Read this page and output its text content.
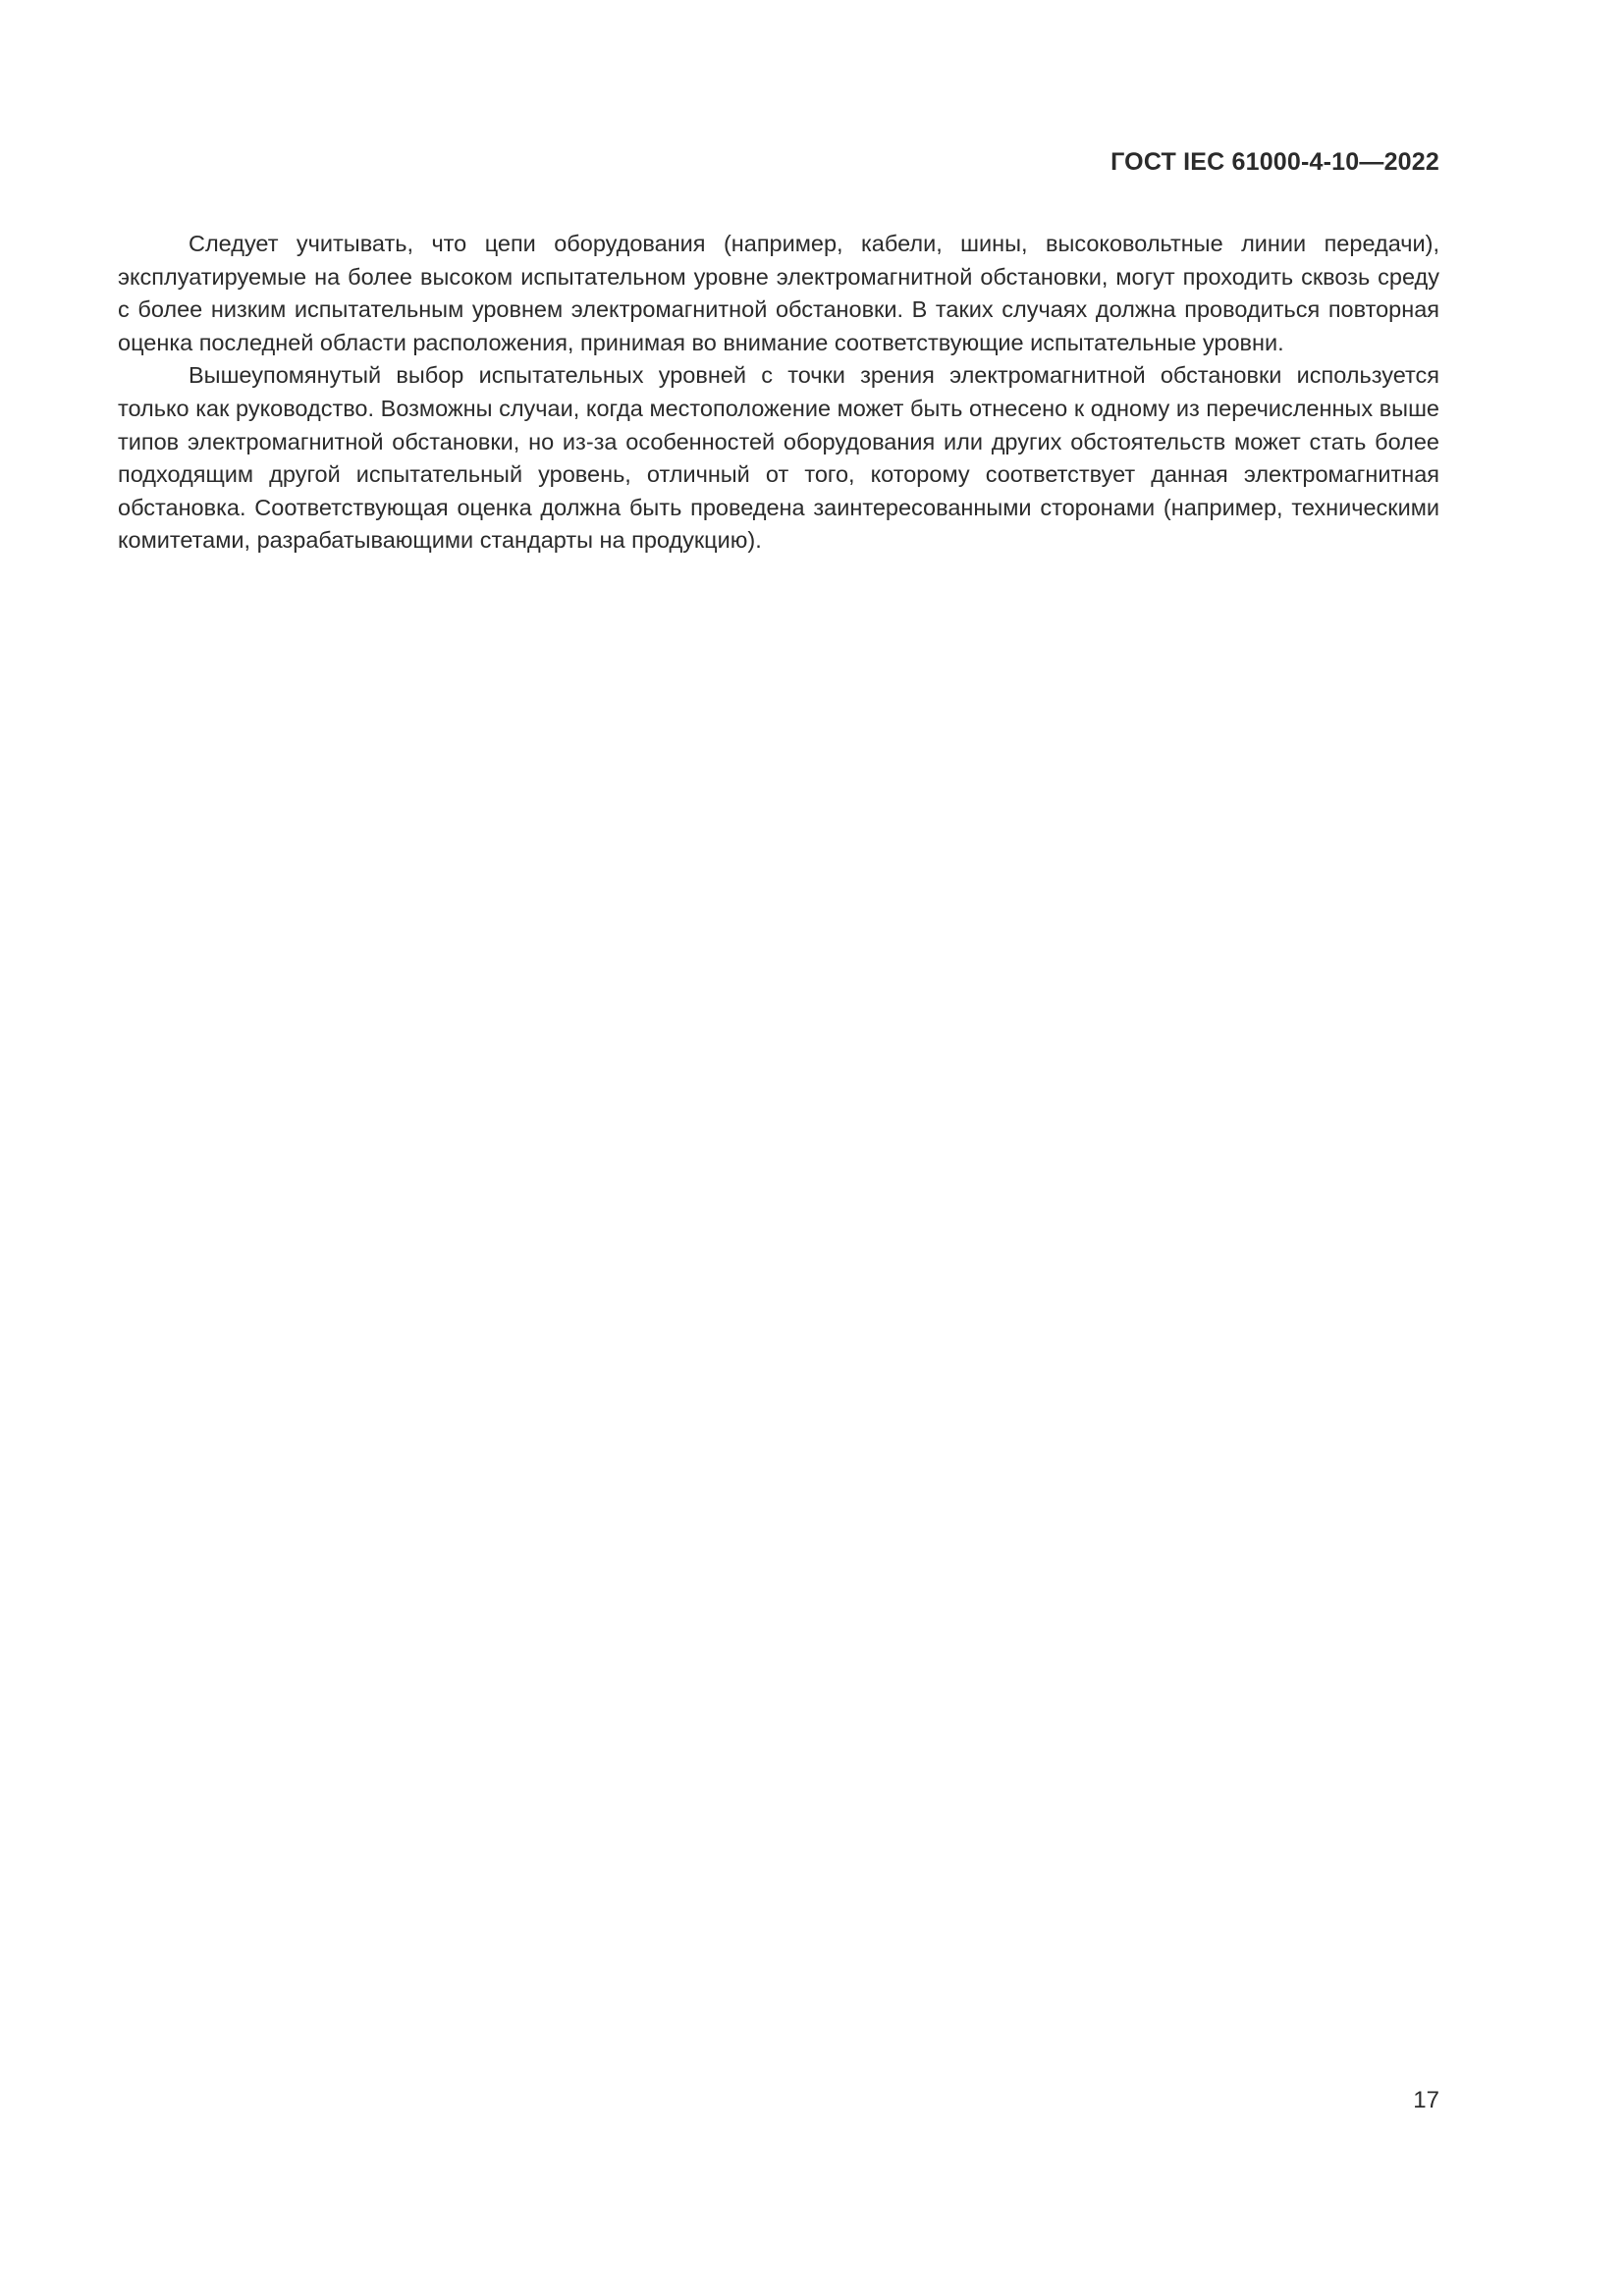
ГОСТ IEC 61000-4-10—2022

Следует учитывать, что цепи оборудования (например, кабели, шины, высоковольтные линии передачи), эксплуатируемые на более высоком испытательном уровне электромагнитной обстановки, могут проходить сквозь среду с более низким испытательным уровнем электромагнитной обстановки. В таких случаях должна проводиться повторная оценка последней области расположения, принимая во внимание соответствующие испытательные уровни.

Вышеупомянутый выбор испытательных уровней с точки зрения электромагнитной обстановки используется только как руководство. Возможны случаи, когда местоположение может быть отнесено к одному из перечисленных выше типов электромагнитной обстановки, но из-за особенностей оборудования или других обстоятельств может стать более подходящим другой испытательный уровень, отличный от того, которому соответствует данная электромагнитная обстановка. Соответствующая оценка должна быть проведена заинтересованными сторонами (например, техническими комитетами, разрабатывающими стандарты на продукцию).

17
